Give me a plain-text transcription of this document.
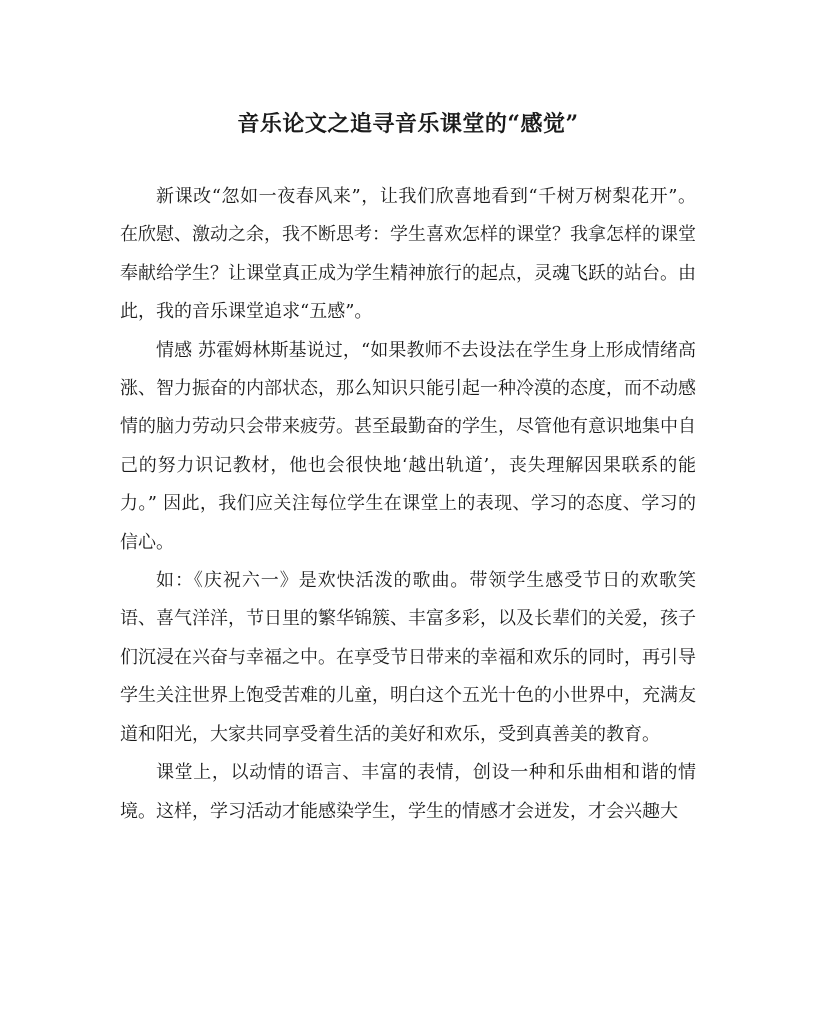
音乐论文之追寻音乐课堂的“感觉”

新课改“忽如一夜春风来”，让我们欣喜地看到“千树万树梨花开”。在欣慰、激动之余，我不断思考：学生喜欢怎样的课堂？我拿怎样的课堂奉献给学生？让课堂真正成为学生精神旅行的起点，灵魂飞跃的站台。由此，我的音乐课堂追求“五感”。

情感 苏霍姆林斯基说过，“如果教师不去设法在学生身上形成情绪高涨、智力振奋的内部状态，那么知识只能引起一种冷漠的态度，而不动感情的脑力劳动只会带来疲劳。甚至最勤奋的学生，尽管他有意识地集中自己的努力识记教材，他也会很快地‘越出轨道’，丧失理解因果联系的能力。” 因此，我们应关注每位学生在课堂上的表现、学习的态度、学习的信心。

如：《庆祝六一》是欢快活泼的歌曲。带领学生感受节日的欢歌笑语、喜气洋洋，节日里的繁华锦簇、丰富多彩，以及长辈们的关爱，孩子们沉浸在兴奋与幸福之中。在享受节日带来的幸福和欢乐的同时，再引导学生关注世界上饱受苦难的儿童，明白这个五光十色的小世界中，充满友道和阳光，大家共同享受着生活的美好和欢乐，受到真善美的教育。

课堂上，以动情的语言、丰富的表情，创设一种和乐曲相和谐的情境。这样，学习活动才能感染学生，学生的情感才会迸发，才会兴趣大
